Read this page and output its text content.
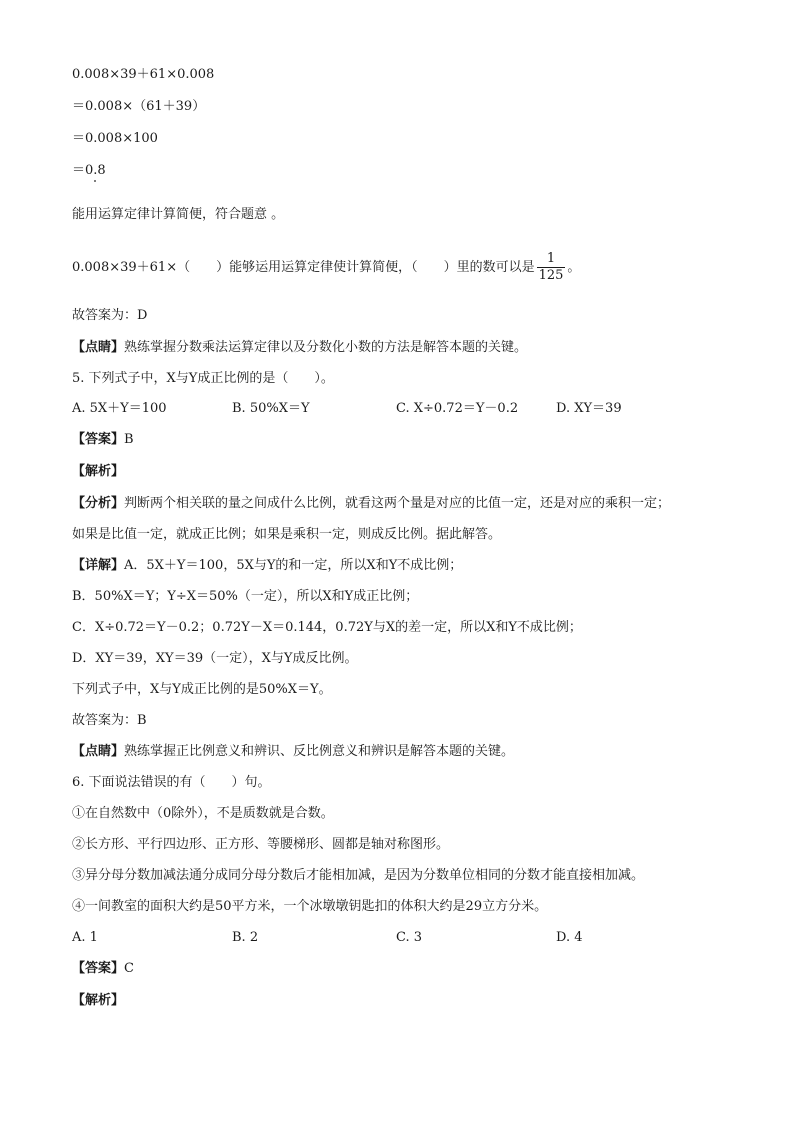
0.008×39＋61×0.008
＝0.008×（61＋39）
＝0.008×100
＝0.8
能用运算定律计算简便，符合题意 。
0.008×39＋61×（　　）能够运用运算定律使计算简便，（　　）里的数可以是 $\frac{1}{125}$ 。
故答案为：D
【点睛】熟练掌握分数乘法运算定律以及分数化小数的方法是解答本题的关键。
5. 下列式子中，X与Y成正比例的是（　　）。
A. 5X＋Y＝100	B. 50%X＝Y	C. X÷0.72＝Y－0.2	D. XY＝39
【答案】B
【解析】
【分析】判断两个相关联的量之间成什么比例，就看这两个量是对应的比值一定，还是对应的乘积一定；
如果是比值一定，就成正比例；如果是乘积一定，则成反比例。据此解答。
【详解】A．5X＋Y＝100，5X与Y的和一定，所以X和Y不成比例；
B．50%X＝Y；Y÷X＝50%（一定），所以X和Y成正比例；
C．X÷0.72＝Y－0.2；0.72Y－X＝0.144，0.72Y与X的差一定，所以X和Y不成比例；
D．XY＝39，XY＝39（一定），X与Y成反比例。
下列式子中，X与Y成正比例的是50%X＝Y。
故答案为：B
【点睛】熟练掌握正比例意义和辨识、反比例意义和辨识是解答本题的关键。
6. 下面说法错误的有（　　）句。
①在自然数中（0除外），不是质数就是合数。
②长方形、平行四边形、正方形、等腰梯形、圆都是轴对称图形。
③异分母分数加减法通分成同分母分数后才能相加减，是因为分数单位相同的分数才能直接相加减。
④一间教室的面积大约是50平方米，一个冰墩墩钥匙扣的体积大约是29立方分米。
A. 1	B. 2	C. 3	D. 4
【答案】C
【解析】
